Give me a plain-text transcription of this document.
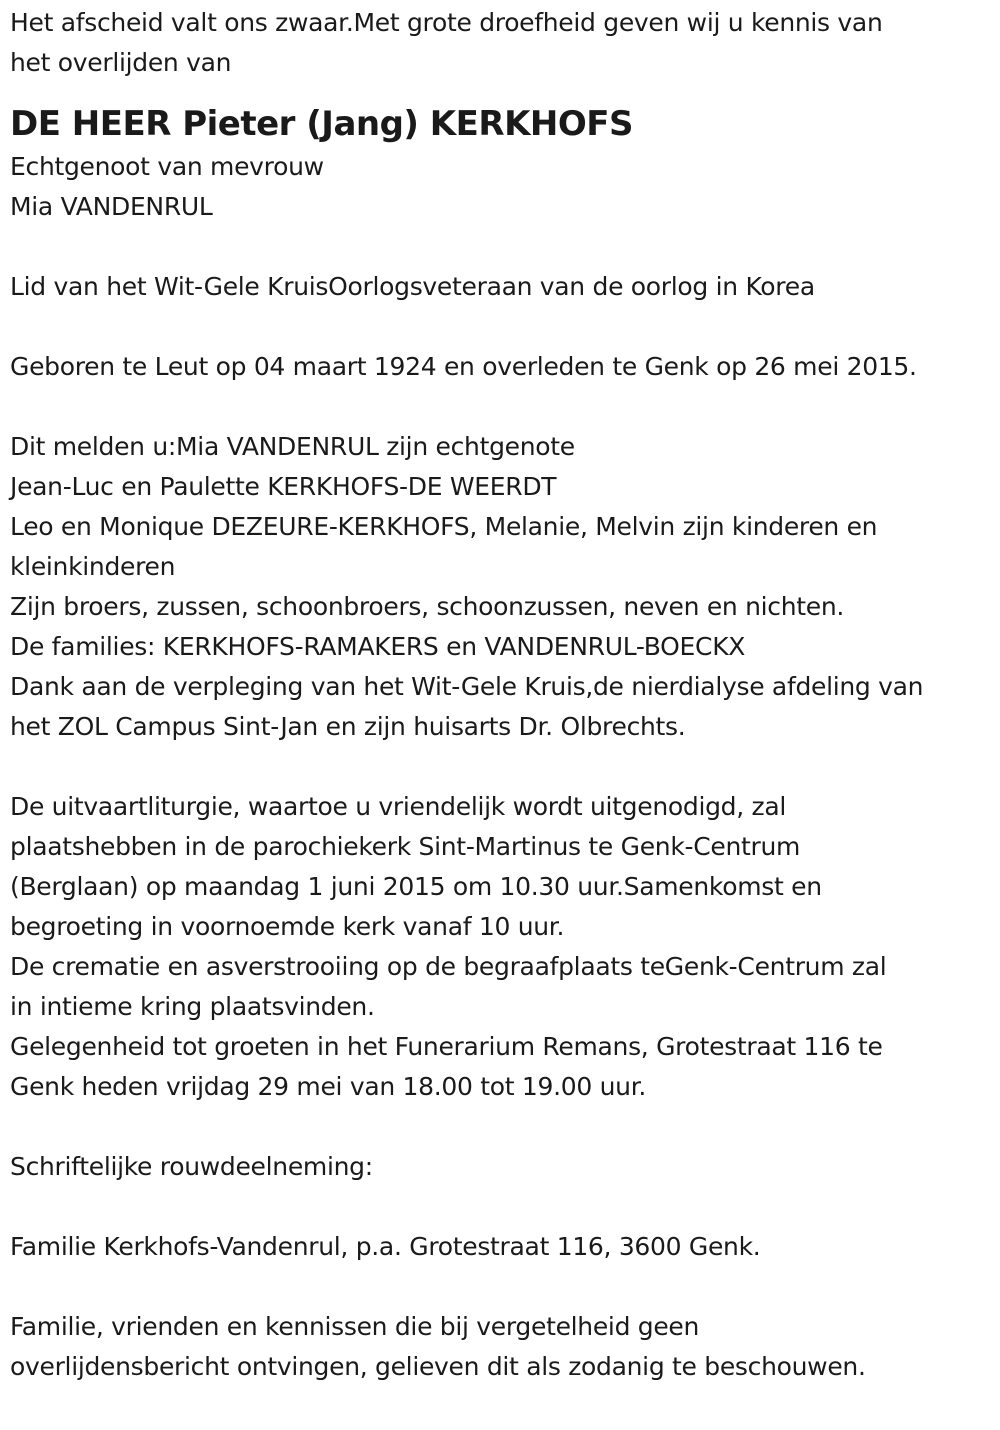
Het afscheid valt ons zwaar.Met grote droefheid geven wij u kennis van
het overlijden van
DE HEER Pieter (Jang) KERKHOFS
Echtgenoot van mevrouw
Mia VANDENRUL
Lid van het Wit-Gele KruisOorlogsveteraan van de oorlog in Korea
Geboren te Leut op 04 maart 1924 en overleden te Genk op 26 mei 2015.
Dit melden u:Mia VANDENRUL zijn echtgenote
Jean-Luc en Paulette KERKHOFS-DE WEERDT
Leo en Monique DEZEURE-KERKHOFS, Melanie, Melvin zijn kinderen en
kleinkinderen
Zijn broers, zussen, schoonbroers, schoonzussen, neven en nichten.
De families: KERKHOFS-RAMAKERS en VANDENRUL-BOECKX
Dank aan de verpleging van het Wit-Gele Kruis,de nierdialyse afdeling van
het ZOL Campus Sint-Jan en zijn huisarts Dr. Olbrechts.
De uitvaartliturgie, waartoe u vriendelijk wordt uitgenodigd, zal
plaatshebben in de parochiekerk Sint-Martinus te Genk-Centrum
(Berglaan) op maandag 1 juni 2015 om 10.30 uur.Samenkomst en
begroeting in voornoemde kerk vanaf 10 uur.
De crematie en asverstrooiing op de begraafplaats teGenk-Centrum zal
in intieme kring plaatsvinden.
Gelegenheid tot groeten in het Funerarium Remans, Grotestraat 116 te
Genk heden vrijdag 29 mei van 18.00 tot 19.00 uur.
Schriftelijke rouwdeelneming:
Familie Kerkhofs-Vandenrul, p.a. Grotestraat 116, 3600 Genk.
Familie, vrienden en kennissen die bij vergetelheid geen
overlijdensbericht ontvingen, gelieven dit als zodanig te beschouwen.
